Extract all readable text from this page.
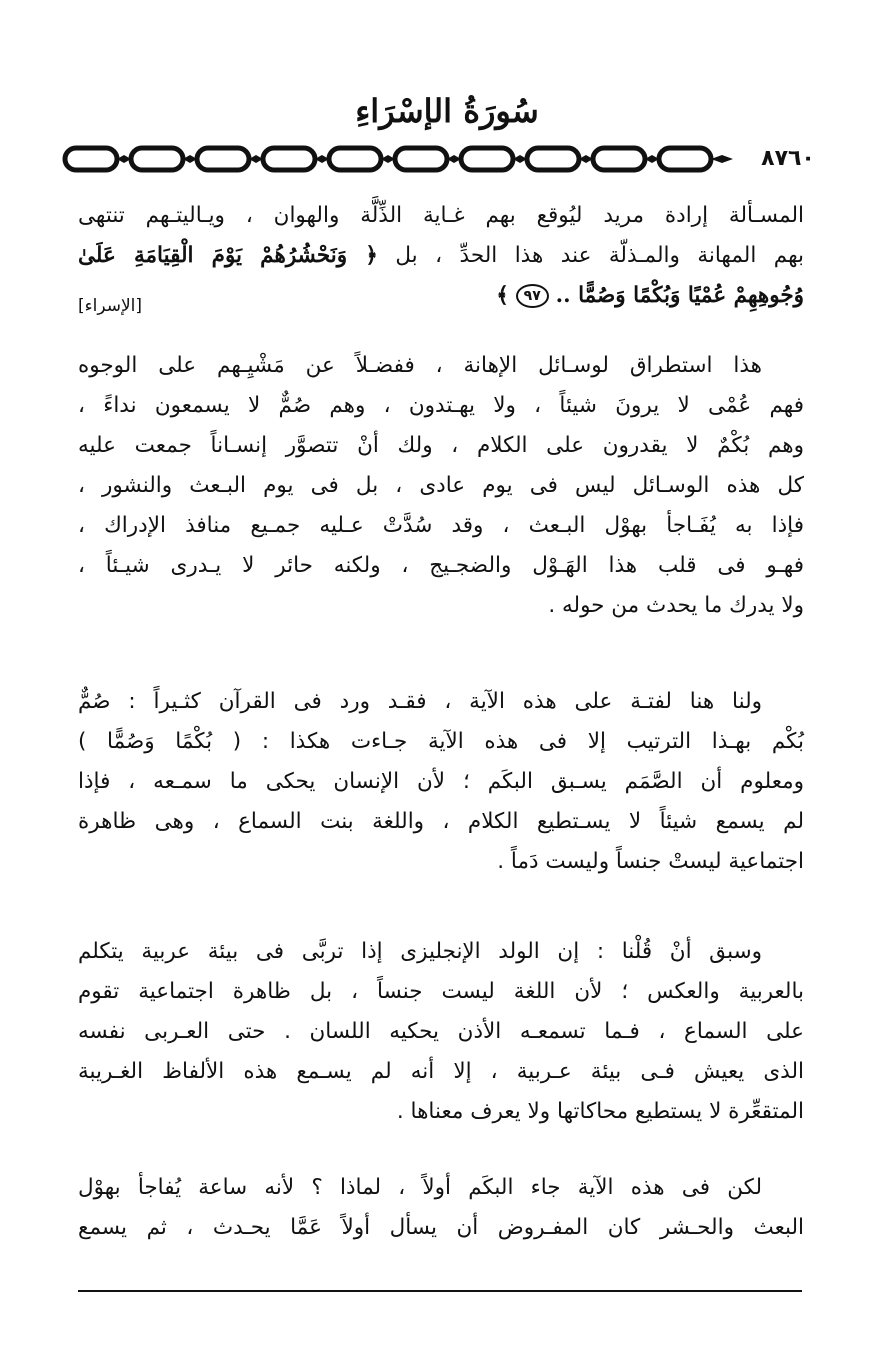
سُورَةُ الإسْرَاءِ
٨٧٦٠
المسـألة إرادة مريد ليُوقع بهم غـاية الذِّلَّة والهوان ، ويـاليتـهم تنتهى
بهم المهانة والمـذلّة عند هذا الحدِّ ، بل ﴿ وَنَحْشُرُهُمْ يَوْمَ الْقِيَامَةِ عَلَىٰ
وُجُوهِهِمْ عُمْيًا وَبُكْمًا وَصُمًّا .. ٩٧ ﴾
[الإسراء]
هذا استطراق لوسـائل الإهانة ، ففضـلاً عن مَشْيِـهم على الوجوه
فهم عُمْى لا يرونَ شيئاً ، ولا يهـتدون ، وهم صُمٌّ لا يسمعون نداءً ،
وهم بُكْمٌ لا يقدرون على الكلام ، ولك أنْ تتصوَّر إنسـاناً جمعت عليه
كل هذه الوسـائل ليس فى يوم عادى ، بل فى يوم البـعث والنشور ،
فإذا به يُفَـاجأ بهوْل البـعث ، وقد سُدَّتْ عـليه جمـيع منافذ الإدراك ،
فهـو فى قلب هذا الهَـوْل والضجـيج ، ولكنه حائر لا يـدرى شيـئاً ،
ولا يدرك ما يحدث من حوله .
ولنا هنا لفتـة على هذه الآية ، فقـد ورد فى القرآن كثـيراً : صُمٌّ
بُكْم بهـذا الترتيب إلا فى هذه الآية جـاءت هكذا : ( بُكْمًا وَصُمًّا )
ومعلوم أن الصَّمَم يسـبق البكَم ؛ لأن الإنسان يحكى ما سمـعه ، فإذا
لم يسمع شيئاً لا يسـتطيع الكلام ، واللغة بنت السماع ، وهى ظاهرة
اجتماعية ليستْ جنساً وليست دَماً .
وسبق أنْ قُلْنا : إن الولد الإنجليزى إذا تربَّى فى بيئة عربية يتكلم
بالعربية والعكس ؛ لأن اللغة ليست جنساً ، بل ظاهرة اجتماعية تقوم
على السماع ، فـما تسمعـه الأذن يحكيه اللسان . حتى العـربى نفسه
الذى يعيش فـى بيئة عـربية ، إلا أنه لم يسـمع هذه الألفاظ الغـريبة
المتقعِّرة لا يستطيع محاكاتها ولا يعرف معناها .
لكن فى هذه الآية جاء البكَم أولاً ، لماذا ؟ لأنه ساعة يُفاجأ بهوْل
البعث والحـشر كان المفـروض أن يسأل أولاً عَمَّا يحـدث ، ثم يسمع
